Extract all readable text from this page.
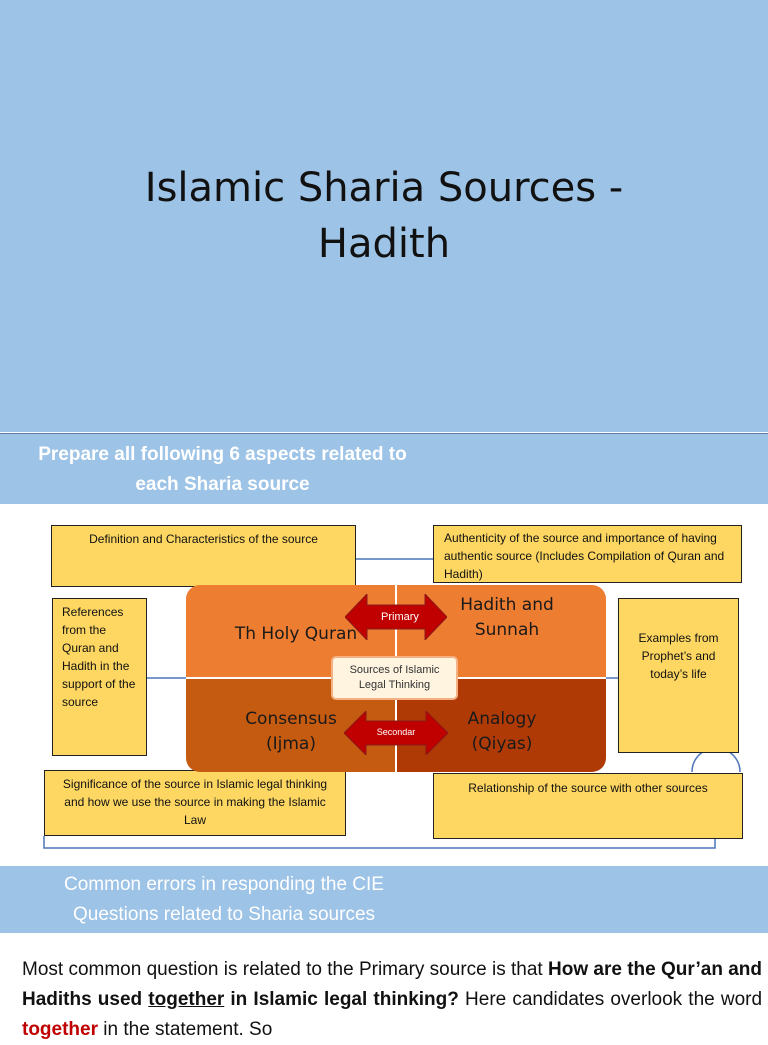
Islamic Sharia Sources -
Hadith
Prepare all following 6 aspects related to
each Sharia source
Definition and Characteristics of the source	Authenticity of the source and importance of having authentic source (Includes Compilation of Quran and Hadith)
References from the Quran and Hadith in the support of the source
Examples from Prophet’s and today’s life
Significance of the source in Islamic legal thinking and how we use the source in making the Islamic Law
Relationship of the source with other sources
Th Holy Quran
Hadith and
Sunnah
Consensus
(Ijma)
Analogy
(Qiyas)
Primary
Secondar
Sources of Islamic
Legal Thinking
Common errors in responding the CIE
Questions related to Sharia sources
Most common question is related to the Primary source is that How are the Qur’an and Hadiths used together in Islamic legal thinking? Here candidates overlook the word together in the statement. So
